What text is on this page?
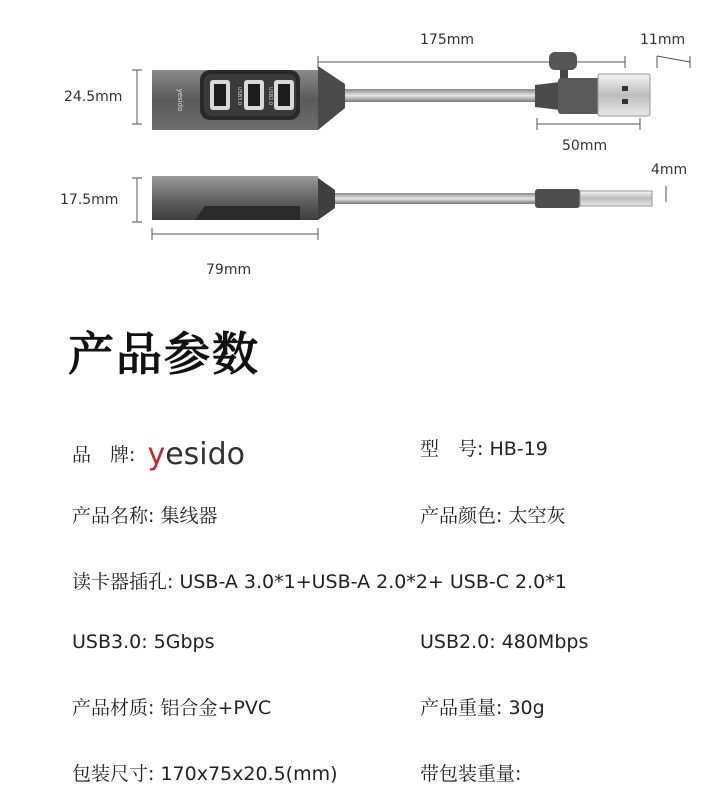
yesido	USB3.0	USB2.0
175mm	11mm
24.5mm
50mm
4mm
17.5mm
79mm
产品参数
品　牌: yesido	型　号: HB-19
产品名称: 集线器	产品颜色: 太空灰
读卡器插孔: USB-A 3.0*1+USB-A 2.0*2+ USB-C 2.0*1
USB3.0: 5Gbps	USB2.0: 480Mbps
产品材质: 铝合金+PVC	产品重量: 30g
包装尺寸: 170x75x20.5(mm)	带包装重量:
